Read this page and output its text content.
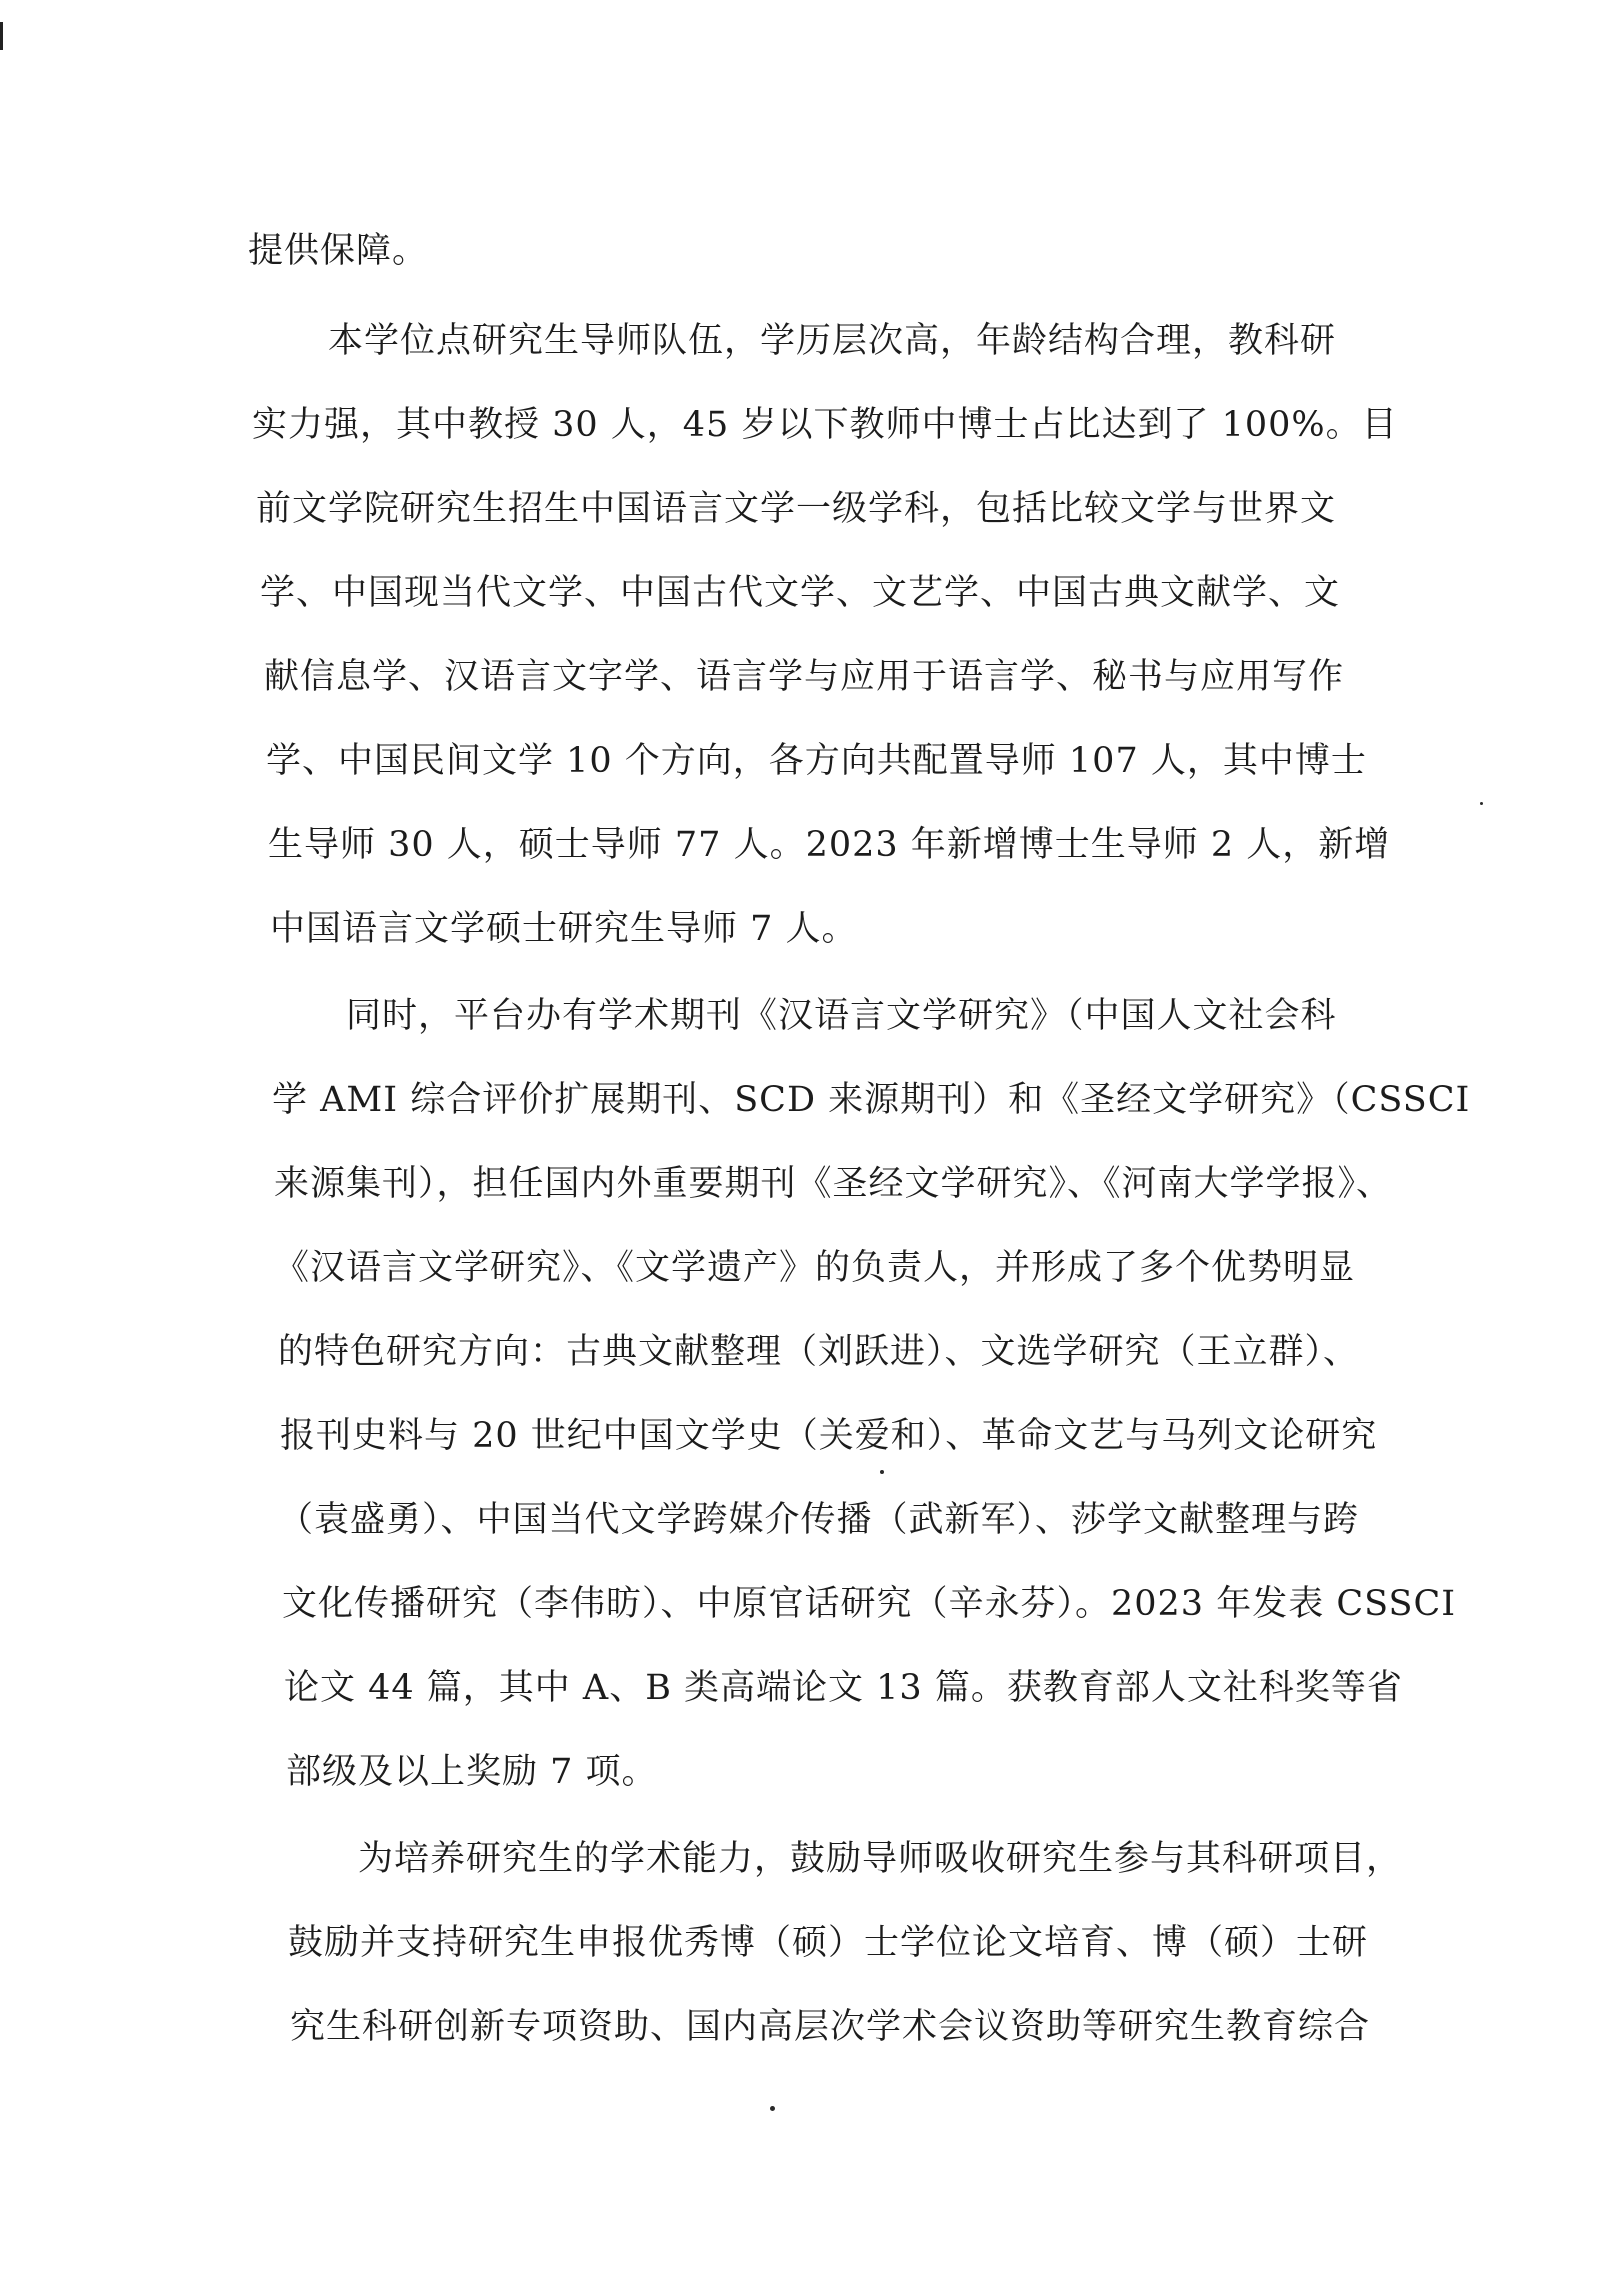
提供保障。
本学位点研究生导师队伍，学历层次高，年龄结构合理，教科研
实力强，其中教授 30 人，45 岁以下教师中博士占比达到了 100%。目
前文学院研究生招生中国语言文学一级学科，包括比较文学与世界文
学、中国现当代文学、中国古代文学、文艺学、中国古典文献学、文
献信息学、汉语言文字学、语言学与应用于语言学、秘书与应用写作
学、中国民间文学 10 个方向，各方向共配置导师 107 人，其中博士
生导师 30 人，硕士导师 77 人。2023 年新增博士生导师 2 人，新增
中国语言文学硕士研究生导师 7 人。
同时，平台办有学术期刊《汉语言文学研究》（中国人文社会科
学 AMI 综合评价扩展期刊、SCD 来源期刊）和《圣经文学研究》（CSSCI
来源集刊），担任国内外重要期刊《圣经文学研究》、《河南大学学报》、
《汉语言文学研究》、《文学遗产》的负责人，并形成了多个优势明显
的特色研究方向：古典文献整理（刘跃进）、文选学研究（王立群）、
报刊史料与 20 世纪中国文学史（关爱和）、革命文艺与马列文论研究
（袁盛勇）、中国当代文学跨媒介传播（武新军）、莎学文献整理与跨
文化传播研究（李伟昉）、中原官话研究（辛永芬）。2023 年发表 CSSCI
论文 44 篇，其中 A、B 类高端论文 13 篇。获教育部人文社科奖等省
部级及以上奖励 7 项。
为培养研究生的学术能力，鼓励导师吸收研究生参与其科研项目，
鼓励并支持研究生申报优秀博（硕）士学位论文培育、博（硕）士研
究生科研创新专项资助、国内高层次学术会议资助等研究生教育综合
